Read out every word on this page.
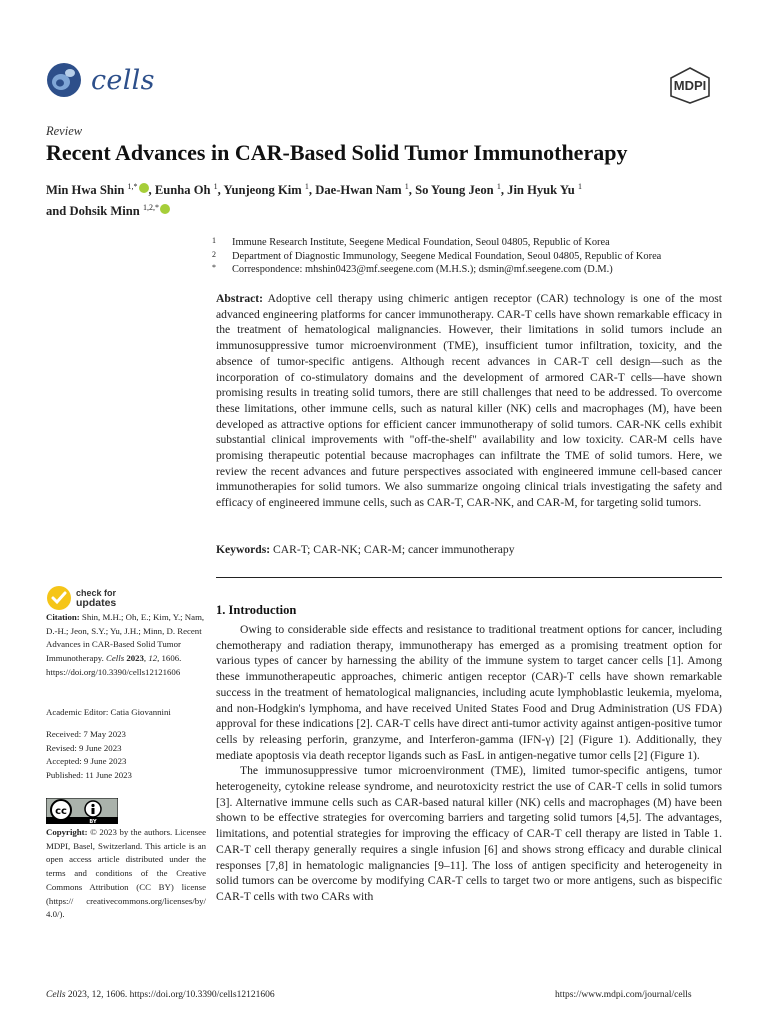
cells	MDPI
Review
Recent Advances in CAR-Based Solid Tumor Immunotherapy
Min Hwa Shin $^{1,*}$ , Eunha Oh $^1$, Yunjeong Kim $^1$, Dae-Hwan Nam $^1$, So Young Jeon $^1$, Jin Hyuk Yu $^1$
and Dohsik Minn $^{1,2,*}$
1 Immune Research Institute, Seegene Medical Foundation, Seoul 04805, Republic of Korea
2 Department of Diagnostic Immunology, Seegene Medical Foundation, Seoul 04805, Republic of Korea
* Correspondence: mhshin0423@mf.seegene.com (M.H.S.); dsmin@mf.seegene.com (D.M.)
Abstract: Adoptive cell therapy using chimeric antigen receptor (CAR) technology is one of the most advanced engineering platforms for cancer immunotherapy. CAR-T cells have shown remarkable efficacy in the treatment of hematological malignancies. However, their limitations in solid tumors include an immunosuppressive tumor microenvironment (TME), insufficient tumor infiltration, toxicity, and the absence of tumor-specific antigens. Although recent advances in CAR-T cell design—such as the incorporation of co-stimulatory domains and the development of armored CAR-T cells—have shown promising results in treating solid tumors, there are still challenges that need to be addressed. To overcome these limitations, other immune cells, such as natural killer (NK) cells and macrophages (M), have been developed as attractive options for efficient cancer immunotherapy of solid tumors. CAR-NK cells exhibit substantial clinical improvements with "off-the-shelf" availability and low toxicity. CAR-M cells have promising therapeutic potential because macrophages can infiltrate the TME of solid tumors. Here, we review the recent advances and future perspectives associated with engineered immune cell-based cancer immunotherapies for solid tumors. We also summarize ongoing clinical trials investigating the safety and efficacy of engineered immune cells, such as CAR-T, CAR-NK, and CAR-M, for targeting solid tumors.
Keywords: CAR-T; CAR-NK; CAR-M; cancer immunotherapy
check for
updates
Citation: Shin, M.H.; Oh, E.; Kim, Y.; Nam, D.-H.; Jeon, S.Y.; Yu, J.H.; Minn, D. Recent Advances in CAR-Based Solid Tumor Immunotherapy. Cells 2023, 12, 1606. https://doi.org/10.3390/cells12121606
Academic Editor: Catia Giovannini
Received: 7 May 2023
Revised: 9 June 2023
Accepted: 9 June 2023
Published: 11 June 2023
cc
BY
Copyright: © 2023 by the authors. Licensee MDPI, Basel, Switzerland. This article is an open access article distributed under the terms and conditions of the Creative Commons Attribution (CC BY) license (https:// creativecommons.org/licenses/by/ 4.0/).
1. Introduction

Owing to considerable side effects and resistance to traditional treatment options for cancer, including chemotherapy and radiation therapy, immunotherapy has emerged as a promising treatment option for various types of cancer by harnessing the ability of the immune system to target cancer cells [1]. Among these immunotherapeutic approaches, chimeric antigen receptor (CAR)-T cells have shown remarkable success in the treatment of hematological malignancies, including acute lymphoblastic leukemia, myeloma, and non-Hodgkin's lymphoma, and have received United States Food and Drug Administration (US FDA) approval for these indications [2]. CAR-T cells have direct anti-tumor activity against antigen-positive tumor cells by releasing perforin, granzyme, and Interferon-gamma (IFN-γ) [2] (Figure 1). Additionally, they mediate apoptosis via death receptor ligands such as FasL in antigen-negative tumor cells [2] (Figure 1).

The immunosuppressive tumor microenvironment (TME), limited tumor-specific antigens, tumor heterogeneity, cytokine release syndrome, and neurotoxicity restrict the use of CAR-T cells in solid tumors [3]. Alternative immune cells such as CAR-based natural killer (NK) cells and macrophages (M) have been shown to be effective strategies for overcoming barriers and targeting solid tumors [4,5]. The advantages, limitations, and potential strategies for improving the efficacy of CAR-T cell therapy are listed in Table 1. CAR-T cell therapy generally requires a single infusion [6] and shows strong efficacy and durable clinical responses [7,8] in hematologic malignancies [9–11]. The loss of antigen specificity and heterogeneity in solid tumors can be overcome by modifying CAR-T cells to target two or more antigens, such as bispecific CAR-T cells with two CARs with

Cells 2023, 12, 1606. https://doi.org/10.3390/cells12121606	https://www.mdpi.com/journal/cells
